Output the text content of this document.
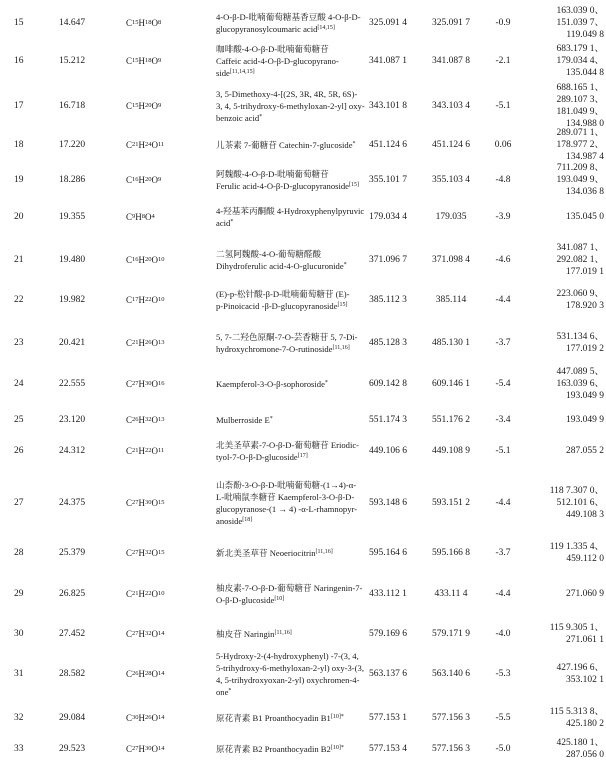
15	14.647	C 15 H 18 O 8
4-O-β-D-吡喃葡萄糖基香豆酸 4-O-β-D-
glucopyranosylcoumaric acid[14,15]	325.091 4	325.091 7	-0.9
163.039 0、
151.039 7、
119.049 8
16	15.212	C 15 H 18 O 9
咖啡酸-4-O-β-D-吡喃葡萄糖苷
Caffeic acid-4-O-β-D-glucopyrano-
side[11,14,15]
341.087 1	341.087 8	-2.1
683.179 1、
179.034 4、
135.044 8
17	16.718	C 15 H 20 O 9
3, 5-Dimethoxy-4-[(2S, 3R, 4R, 5R, 6S)-
3, 4, 5-trihydroxy-6-methyloxan-2-yl] oxy-
benzoic acid*
343.101 8	343.103 4	-5.1
688.165 1、
289.107 3、
181.049 9、
134.988 0
18	17.220	C 21 H 24 O 11	儿茶素 7-葡糖苷 Catechin-7-glucoside*	451.124 6	451.124 6	0.06
289.071 1、
178.977 2、
134.987 4
19	18.286	C 16 H 20 O 9
阿魏酸-4-O-β-D-吡喃葡萄糖苷
Ferulic acid-4-O-β-D-glucopyranoside[15]	355.101 7	355.103 4	-4.8
711.209 8、
193.049 9、
134.036 8
20	19.355	C 9 H 8 O 4
4-羟基苯丙酮酸 4-Hydroxyphenylpyruvic
acid*	179.034 4	179.035	-3.9	135.045 0
21	19.480	C 16 H 20 O 10
二氢阿魏酸-4-O-葡萄糖醛酸
Dihydroferulic acid-4-O-glucuronide*	371.096 7	371.098 4	-4.6
341.087 1、
292.082 1、
177.019 1
22	19.982	C 17 H 22 O 10
(E)-p-松针酸-β-D-吡喃葡萄糖苷 (E)-
p-Pinoicacid -β-D-glucopyranoside[15]	385.112 3	385.114	-4.4
223.060 9、
178.920 3
23	20.421	C 21 H 26 O 13
5, 7-二羟色原酮-7-O-芸香糖苷 5, 7-Di-
hydroxychromone-7-O-rutinoside[11,16]	485.128 3	485.130 1	-3.7
531.134 6、
177.019 2
24	22.555	C 27 H 30 O 16	Kaempferol-3-O-β-sophoroside*	609.142 8	609.146 1	-5.4
447.089 5、
163.039 6、
193.049 9
25	23.120	C 26 H 32 O 13	Mulberroside E*	551.174 3	551.176 2	-3.4	193.049 9
26	24.312	C 21 H 22 O 11
北美圣草素-7-O-β-D-葡萄糖苷 Eriodic-
tyol-7-O-β-D-glucoside[17]	449.106 6	449.108 9	-5.1	287.055 2
27	24.375	C 27 H 30 O 15
山柰酚-3-O-β-D-吡喃葡萄糖-(1→4)-α-
L-吡喃鼠李糖苷 Kaempferol-3-O-β-D-
glucopyranose-(1 → 4) -α-L-rhamnopyr-
anoside[18]
593.148 6	593.151 2	-4.4
118 7.307 0、
512.101 6、
449.108 3
28	25.379	C 27 H 32 O 15	新北美圣草苷 Neoeriocitrin[11,16]	595.164 6	595.166 8	-3.7
119 1.335 4、
459.112 0
29	26.825	C 21 H 22 O 10
柚皮素-7-O-β-D-葡萄糖苷 Naringenin-7-
O-β-D-glucoside[10]	433.112 1	433.11 4	-4.4	271.060 9
30	27.452	C 27 H 32 O 14	柚皮苷 Naringin[11,16]	579.169 6	579.171 9	-4.0
115 9.305 1、
271.061 1
31	28.582	C 26 H 28 O 14
5-Hydroxy-2-(4-hydroxyphenyl) -7-(3, 4,
5-trihydroxy-6-methyloxan-2-yl) oxy-3-(3,
4, 5-trihydroxyoxan-2-yl) oxychromen-4-
one*
563.137 6	563.140 6	-5.3
427.196 6、
353.102 1
32	29.084	C 30 H 26 O 14	原花青素 B1 Proanthocyadin B1$^{[10]*}$	577.153 1	577.156 3	-5.5
115 5.313 8、
425.180 2
33	29.523	C 27 H 30 O 14	原花青素 B2 Proanthocyadin B2$^{[10]*}$	577.153 4	577.156 3	-5.0
425.180 1、
287.056 0
